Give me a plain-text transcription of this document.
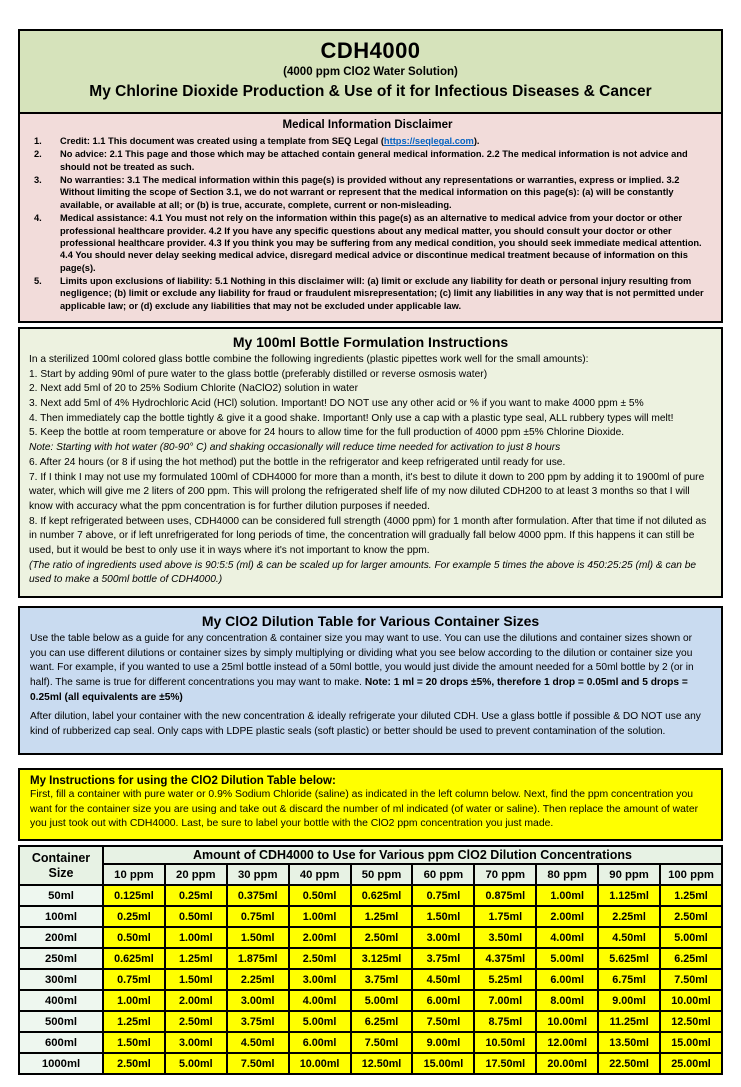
CDH4000
(4000 ppm ClO2 Water Solution)
My Chlorine Dioxide Production & Use of it for Infectious Diseases & Cancer
Medical Information Disclaimer
1.	Credit: 1.1 This document was created using a template from SEQ Legal (https://seqlegal.com).
2.	No advice: 2.1 This page and those which may be attached contain general medical information. 2.2 The medical information is not advice and should not be treated as such.
3.	No warranties: 3.1 The medical information within this page(s) is provided without any representations or warranties, express or implied. 3.2 Without limiting the scope of Section 3.1, we do not warrant or represent that the medical information on this page(s): (a) will be constantly available, or available at all; or (b) is true, accurate, complete, current or non-misleading.
4.	Medical assistance: 4.1 You must not rely on the information within this page(s) as an alternative to medical advice from your doctor or other professional healthcare provider. 4.2 If you have any specific questions about any medical matter, you should consult your doctor or other professional healthcare provider. 4.3 If you think you may be suffering from any medical condition, you should seek immediate medical attention. 4.4 You should never delay seeking medical advice, disregard medical advice or discontinue medical treatment because of information on this page(s).
5.	Limits upon exclusions of liability: 5.1 Nothing in this disclaimer will: (a) limit or exclude any liability for death or personal injury resulting from negligence; (b) limit or exclude any liability for fraud or fraudulent misrepresentation; (c) limit any liabilities in any way that is not permitted under applicable law; or (d) exclude any liabilities that may not be excluded under applicable law.
My 100ml Bottle Formulation Instructions

In a sterilized 100ml colored glass bottle combine the following ingredients (plastic pipettes work well for the small amounts):

1. Start by adding 90ml of pure water to the glass bottle (preferably distilled or reverse osmosis water)

2. Next add 5ml of 20 to 25% Sodium Chlorite (NaClO2) solution in water

3. Next add 5ml of 4% Hydrochloric Acid (HCl) solution. Important! DO NOT use any other acid or % if you want to make 4000 ppm ± 5%

4. Then immediately cap the bottle tightly & give it a good shake. Important! Only use a cap with a plastic type seal, ALL rubbery types will melt!

5. Keep the bottle at room temperature or above for 24 hours to allow time for the full production of 4000 ppm ±5% Chlorine Dioxide.

Note: Starting with hot water (80-90° C) and shaking occasionally will reduce time needed for activation to just 8 hours

6. After 24 hours (or 8 if using the hot method) put the bottle in the refrigerator and keep refrigerated until ready for use.

7. If I think I may not use my formulated 100ml of CDH4000 for more than a month, it's best to dilute it down to 200 ppm by adding it to 1900ml of pure water, which will give me 2 liters of 200 ppm. This will prolong the refrigerated shelf life of my now diluted CDH200 to at least 3 months so that I will know with accuracy what the ppm concentration is for further dilution purposes if needed.

8. If kept refrigerated between uses, CDH4000 can be considered full strength (4000 ppm) for 1 month after formulation. After that time if not diluted as in number 7 above, or if left unrefrigerated for long periods of time, the concentration will gradually fall below 4000 ppm. If this happens it can still be used, but it would be best to only use it in ways where it's not important to know the ppm.

(The ratio of ingredients used above is 90:5:5 (ml) & can be scaled up for larger amounts. For example 5 times the above is 450:25:25 (ml) & can be used to make a 500ml bottle of CDH4000.)

My ClO2 Dilution Table for Various Container Sizes

Use the table below as a guide for any concentration & container size you may want to use. You can use the dilutions and container sizes shown or you can use different dilutions or container sizes by simply multiplying or dividing what you see below according to the dilution or container size you want. For example, if you wanted to use a 25ml bottle instead of a 50ml bottle, you would just divide the amount needed for a 50ml bottle by 2 (or in half). The same is true for different concentrations you may want to make. Note: 1 ml = 20 drops ±5%, therefore 1 drop = 0.05ml and 5 drops = 0.25ml (all equivalents are ±5%)

After dilution, label your container with the new concentration & ideally refrigerate your diluted CDH. Use a glass bottle if possible & DO NOT use any kind of rubberized cap seal. Only caps with LDPE plastic seals (soft plastic) or better should be used to prevent contamination of the solution.

My Instructions for using the ClO2 Dilution Table below:

First, fill a container with pure water or 0.9% Sodium Chloride (saline) as indicated in the left column below. Next, find the ppm concentration you want for the container size you are using and take out & discard the number of ml indicated (of water or saline). Then replace the amount of water you just took out with CDH4000. Last, be sure to label your bottle with the ClO2 ppm concentration you just made.

Container Size	Amount of CDH4000 to Use for Various ppm ClO2 Dilution Concentrations									
	10 ppm	20 ppm	30 ppm	40 ppm	50 ppm	60 ppm	70 ppm	80 ppm	90 ppm	100 ppm
50ml	0.125ml	0.25ml	0.375ml	0.50ml	0.625ml	0.75ml	0.875ml	1.00ml	1.125ml	1.25ml
100ml	0.25ml	0.50ml	0.75ml	1.00ml	1.25ml	1.50ml	1.75ml	2.00ml	2.25ml	2.50ml
200ml	0.50ml	1.00ml	1.50ml	2.00ml	2.50ml	3.00ml	3.50ml	4.00ml	4.50ml	5.00ml
250ml	0.625ml	1.25ml	1.875ml	2.50ml	3.125ml	3.75ml	4.375ml	5.00ml	5.625ml	6.25ml
300ml	0.75ml	1.50ml	2.25ml	3.00ml	3.75ml	4.50ml	5.25ml	6.00ml	6.75ml	7.50ml
400ml	1.00ml	2.00ml	3.00ml	4.00ml	5.00ml	6.00ml	7.00ml	8.00ml	9.00ml	10.00ml
500ml	1.25ml	2.50ml	3.75ml	5.00ml	6.25ml	7.50ml	8.75ml	10.00ml	11.25ml	12.50ml
600ml	1.50ml	3.00ml	4.50ml	6.00ml	7.50ml	9.00ml	10.50ml	12.00ml	13.50ml	15.00ml
1000ml	2.50ml	5.00ml	7.50ml	10.00ml	12.50ml	15.00ml	17.50ml	20.00ml	22.50ml	25.00ml
